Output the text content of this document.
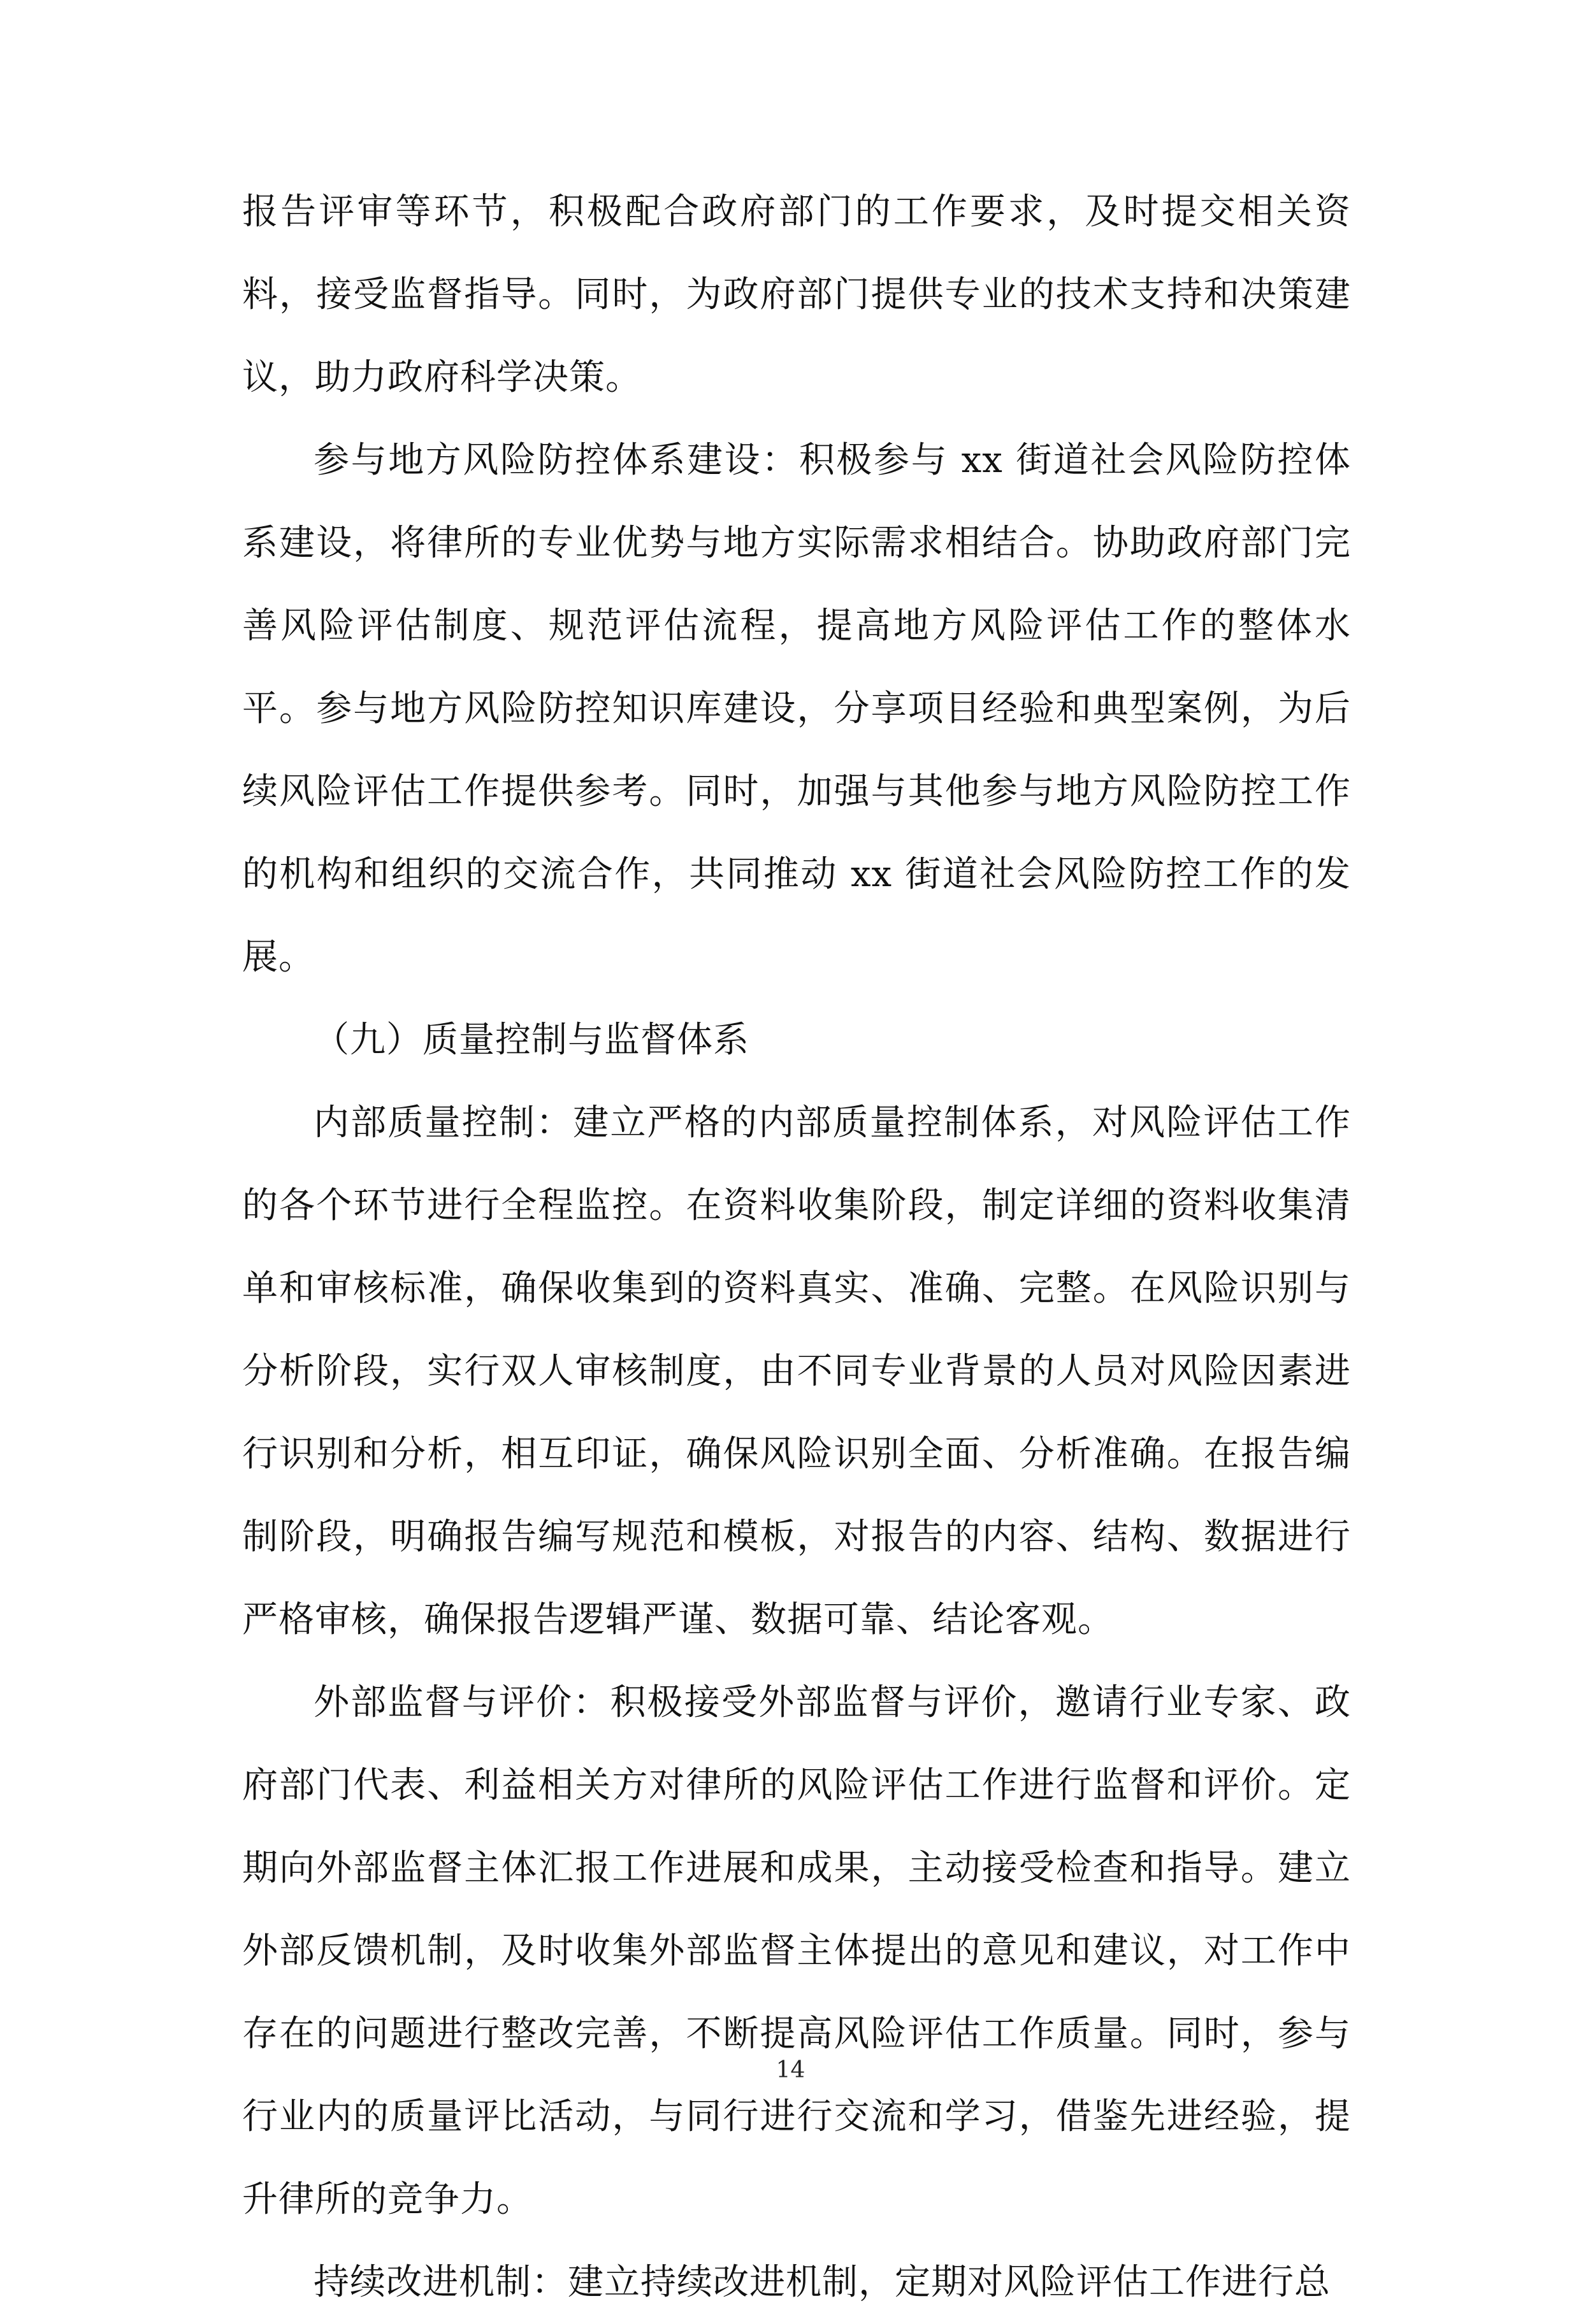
报告评审等环节，积极配合政府部门的工作要求，及时提交相关资料，接受监督指导。同时，为政府部门提供专业的技术支持和决策建议，助力政府科学决策。

参与地方风险防控体系建设：积极参与 xx 街道社会风险防控体系建设，将律所的专业优势与地方实际需求相结合。协助政府部门完善风险评估制度、规范评估流程，提高地方风险评估工作的整体水平。参与地方风险防控知识库建设，分享项目经验和典型案例，为后续风险评估工作提供参考。同时，加强与其他参与地方风险防控工作的机构和组织的交流合作，共同推动 xx 街道社会风险防控工作的发展。

（九）质量控制与监督体系

内部质量控制：建立严格的内部质量控制体系，对风险评估工作的各个环节进行全程监控。在资料收集阶段，制定详细的资料收集清单和审核标准，确保收集到的资料真实、准确、完整。在风险识别与分析阶段，实行双人审核制度，由不同专业背景的人员对风险因素进行识别和分析，相互印证，确保风险识别全面、分析准确。在报告编制阶段，明确报告编写规范和模板，对报告的内容、结构、数据进行严格审核，确保报告逻辑严谨、数据可靠、结论客观。

外部监督与评价：积极接受外部监督与评价，邀请行业专家、政府部门代表、利益相关方对律所的风险评估工作进行监督和评价。定期向外部监督主体汇报工作进展和成果，主动接受检查和指导。建立外部反馈机制，及时收集外部监督主体提出的意见和建议，对工作中存在的问题进行整改完善，不断提高风险评估工作质量。同时，参与行业内的质量评比活动，与同行进行交流和学习，借鉴先进经验，提升律所的竞争力。

持续改进机制：建立持续改进机制，定期对风险评估工作进行总

14
